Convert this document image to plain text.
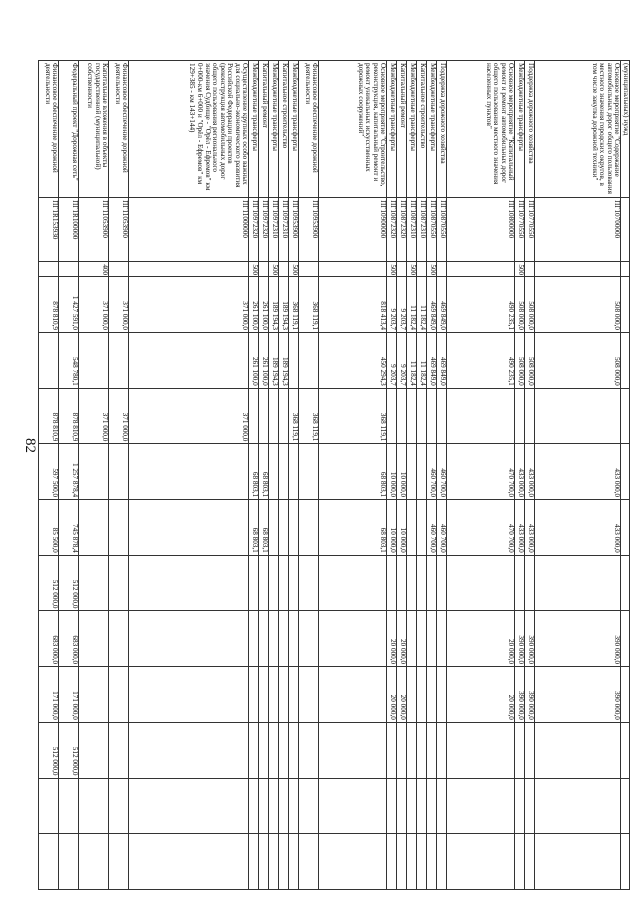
82
(муниципальных) нужд													
Основное мероприятие "Содержание автомобильных дорог общего пользования местного значения городских округов, в том числе закупка дорожной техники"	ПГ10700000		508 000,0	508 000,0		433 000,0	433 000,0		390 000,0	390 000,0			
Поддержка дорожного хозяйства	ПГ10770550		508 000,0	508 000,0		433 000,0	433 000,0		390 000,0	390 000,0			
Межбюджетные трансферты	ПГ10770550	500	508 000,0	508 000,0		433 000,0	433 000,0		390 000,0	390 000,0			
Основное мероприятие "Капитальный ремонт и ремонт автомобильных дорог общего пользования местного значения населенных пунктов"	ПГ10800000		490 235,1	490 235,1		470 700,0	470 700,0		20 000,0	20 000,0			
Поддержка дорожного хозяйства	ПГ10870550		469 849,0	469 849,0		460 700,0	460 700,0						
Межбюджетные трансферты	ПГ10870550	500	469 849,0	469 849,0		460 700,0	460 700,0						
Капитальное строительство	ПГ10872310		11 182,4	11 182,4									
Межбюджетные трансферты	ПГ10872310	500	11 182,4	11 182,4									
Капитальный ремонт	ПГ10872320		9 203,7	9 203,7		10 000,0	10 000,0		20 000,0	20 000,0			
Межбюджетные трансферты	ПГ10872320	500	9 203,7	9 203,7		10 000,0	10 000,0		20 000,0	20 000,0			
Основное мероприятие "Строительство, реконструкция, капитальный ремонт и ремонт уникальных искусственных дорожных сооружений"	ПГ10900000		818 413,4	450 294,3	368 119,1	68 803,1	68 803,1						
Финансовое обеспечение дорожной деятельности	ПГ10953900		368 119,1		368 119,1								
Межбюджетные трансферты	ПГ10953900	500	368 119,1		368 119,1								
Капитальное строительство	ПГ10972310		189 194,3	189 194,3									
Межбюджетные трансферты	ПГ10972310	500	189 194,3	189 194,3									
Капитальный ремонт	ПГ10972320		261 100,0	261 100,0		68 803,1	68 803,1						
Межбюджетные трансферты	ПГ10972320	500	261 100,0	261 100,0		68 803,1	68 803,1						
Осуществление крупных особо важных для социально-экономического развития Российской Федерации проектов (реконструкция автомобильных дорог общего пользования регионального значения Судбище - "Орёл - Ефремов" км 0+000-км 6+000 и "Орёл - Ефремов" км 129+385 - км 143+144)	ПГ11000000		371 000,0		371 000,0								
Финансовое обеспечение дорожной деятельности	ПГ11053900		371 000,0		371 000,0								
Капитальные вложения в объекты государственной (муниципальной) собственности	ПГ11053900	400	371 000,0		371 000,0								
Федеральный проект "Дорожная сеть"	ПГ1R100000		1 427 591,0	548 780,1	878 810,9	1 257 878,4	745 878,4	512 000,0	683 000,0	171 000,0	512 000,0		
Финансовое обеспечение дорожной деятельности	ПГ1R153930		878 810,9		878 810,9	597 500,0	85 500,0	512 000,0	683 000,0	171 000,0	512 000,0		
